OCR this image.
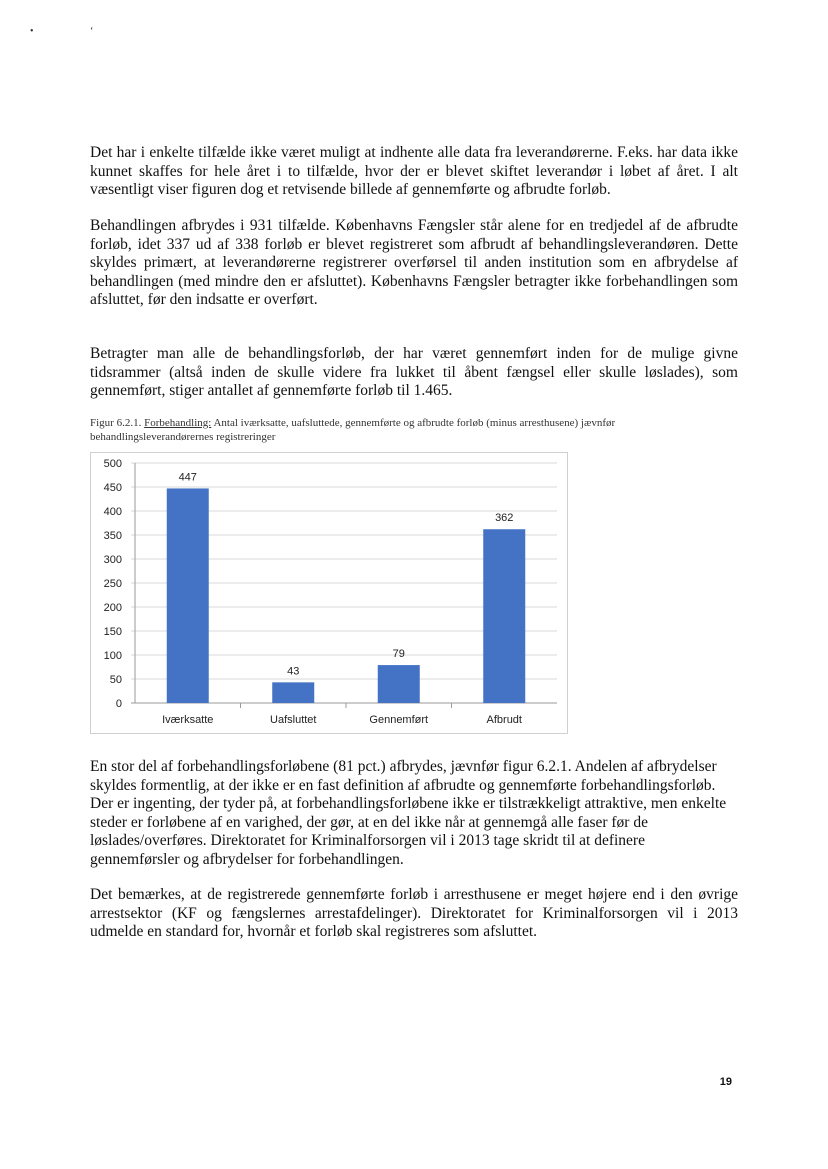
•	‘

Det har i enkelte tilfælde ikke været muligt at indhente alle data fra leverandørerne. F.eks. har data ikke kunnet skaffes for hele året i to tilfælde, hvor der er blevet skiftet leverandør i løbet af året. I alt væsentligt viser figuren dog et retvisende billede af gennemførte og afbrudte forløb.

Behandlingen afbrydes i 931 tilfælde. Københavns Fængsler står alene for en tredjedel af de afbrudte forløb, idet 337 ud af 338 forløb er blevet registreret som afbrudt af behandlingsleverandøren. Dette skyldes primært, at leverandørerne registrerer overførsel til anden institution som en afbrydelse af behandlingen (med mindre den er afsluttet). Københavns Fængsler betragter ikke forbehandlingen som afsluttet, før den indsatte er overført.

Betragter man alle de behandlingsforløb, der har været gennemført inden for de mulige givne tidsrammer (altså inden de skulle videre fra lukket til åbent fængsel eller skulle løslades), som gennemført, stiger antallet af gennemførte forløb til 1.465.

Figur 6.2.1. Forbehandling: Antal iværksatte, uafsluttede, gennemførte og afbrudte forløb (minus arresthusene) jævnfør behandlingsleverandørernes registreringer

0
50
100
150
200
250
300
350
400
450
500
447
Iværksatte
43
Uafsluttet
79
Gennemført
362
Afbrudt

En stor del af forbehandlingsforløbene (81 pct.) afbrydes, jævnfør figur 6.2.1. Andelen af afbrydelser skyldes formentlig, at der ikke er en fast definition af afbrudte og gennemførte forbehandlingsforløb. Der er ingenting, der tyder på, at forbehandlingsforløbene ikke er tilstrækkeligt attraktive, men enkelte steder er forløbene af en varighed, der gør, at en del ikke når at gennemgå alle faser før de løslades/overføres. Direktoratet for Kriminalforsorgen vil i 2013 tage skridt til at definere gennemførsler og afbrydelser for forbehandlingen.

Det bemærkes, at de registrerede gennemførte forløb i arresthusene er meget højere end i den øvrige arrestsektor (KF og fængslernes arrestafdelinger). Direktoratet for Kriminalforsorgen vil i 2013 udmelde en standard for, hvornår et forløb skal registreres som afsluttet.

19
